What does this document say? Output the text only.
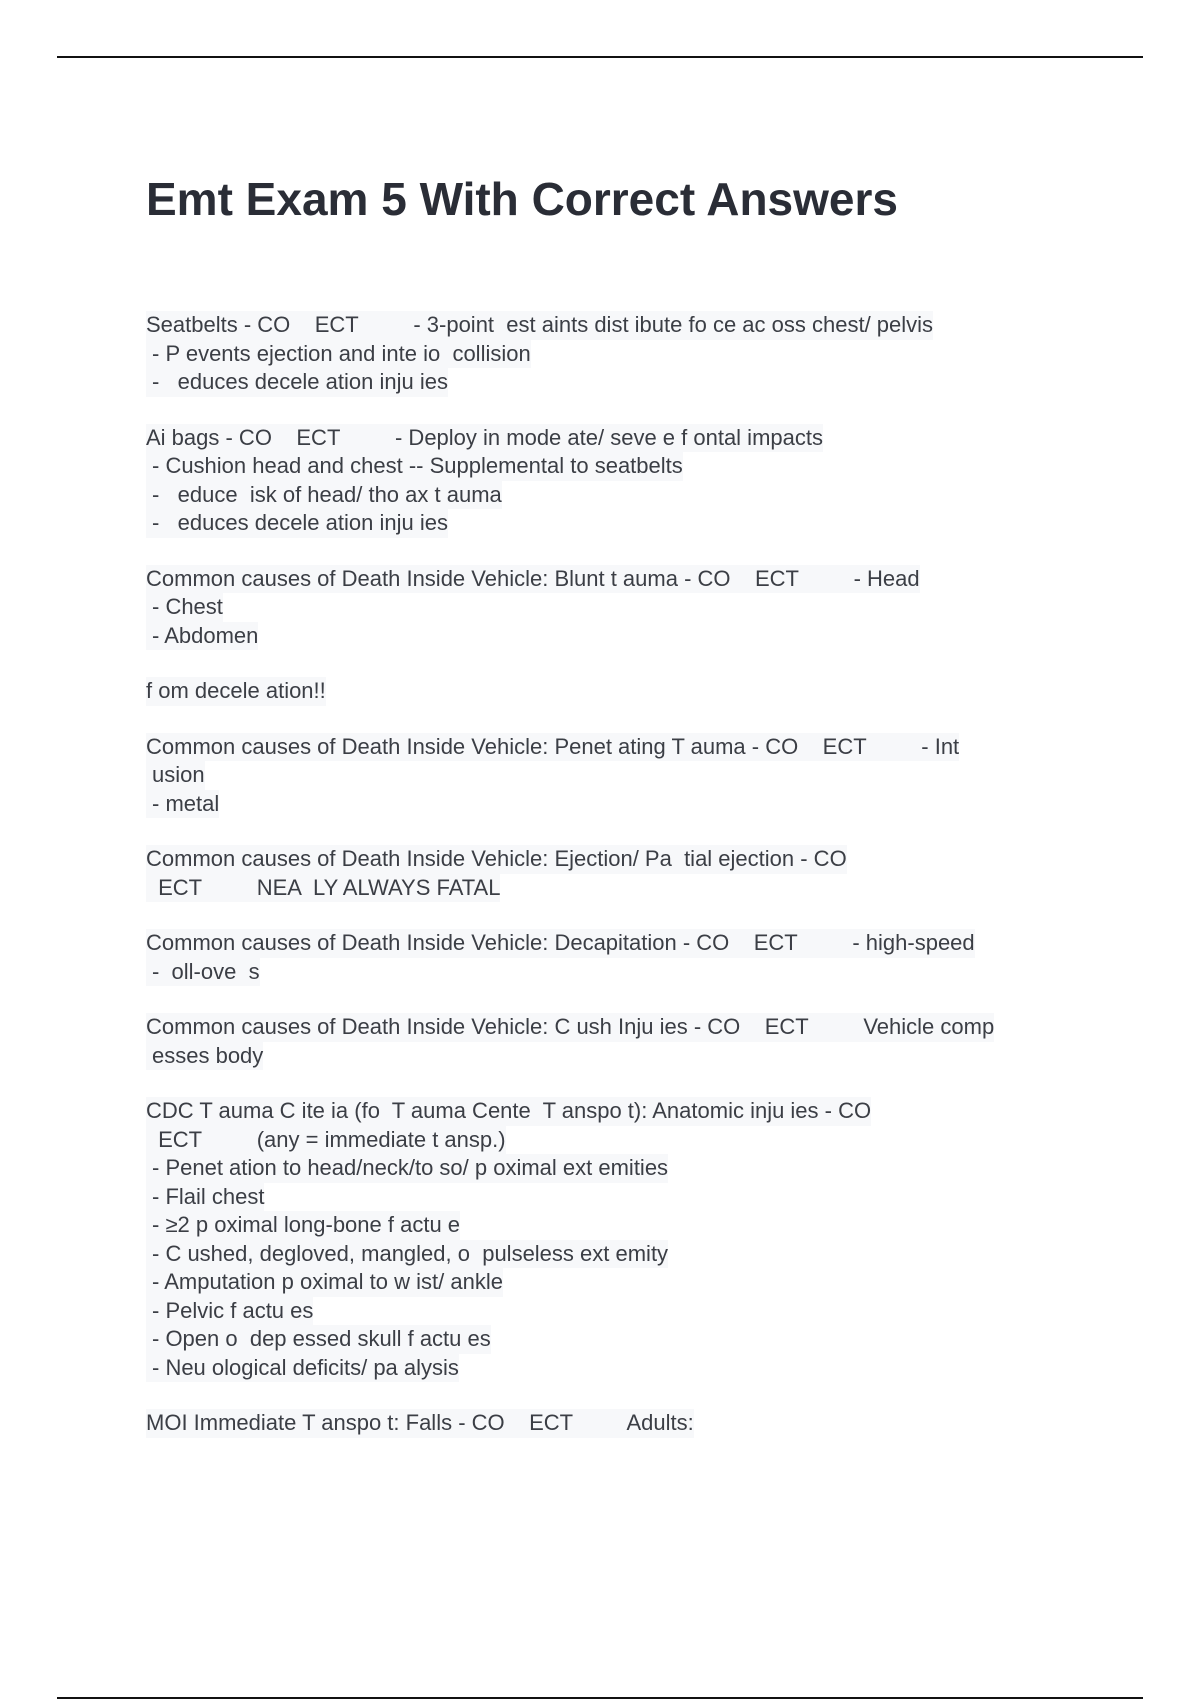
Emt Exam 5 With Correct Answers
Seatbelts - CO    ECT         - 3-point  est aints dist ibute fo ce ac oss chest/ pelvis
- P events ejection and inte io  collision
-   educes decele ation inju ies
Ai bags - CO    ECT         - Deploy in mode ate/ seve e f ontal impacts
- Cushion head and chest -- Supplemental to seatbelts
-   educe  isk of head/ tho ax t auma
-   educes decele ation inju ies
Common causes of Death Inside Vehicle: Blunt t auma - CO    ECT         - Head
- Chest
- Abdomen
f om decele ation!!
Common causes of Death Inside Vehicle: Penet ating T auma - CO    ECT         - Int
usion
- metal
Common causes of Death Inside Vehicle: Ejection/ Pa  tial ejection - CO
ECT         NEA  LY ALWAYS FATAL
Common causes of Death Inside Vehicle: Decapitation - CO    ECT         - high-speed
-  oll-ove  s
Common causes of Death Inside Vehicle: C ush Inju ies - CO    ECT         Vehicle comp
esses body
CDC T auma C ite ia (fo  T auma Cente  T anspo t): Anatomic inju ies - CO
ECT         (any = immediate t ansp.)
- Penet ation to head/neck/to so/ p oximal ext emities
- Flail chest
- ≥2 p oximal long-bone f actu e
- C ushed, degloved, mangled, o  pulseless ext emity
- Amputation p oximal to w ist/ ankle
- Pelvic f actu es
- Open o  dep essed skull f actu es
- Neu ological deficits/ pa alysis
MOI Immediate T anspo t: Falls - CO    ECT         Adults:
